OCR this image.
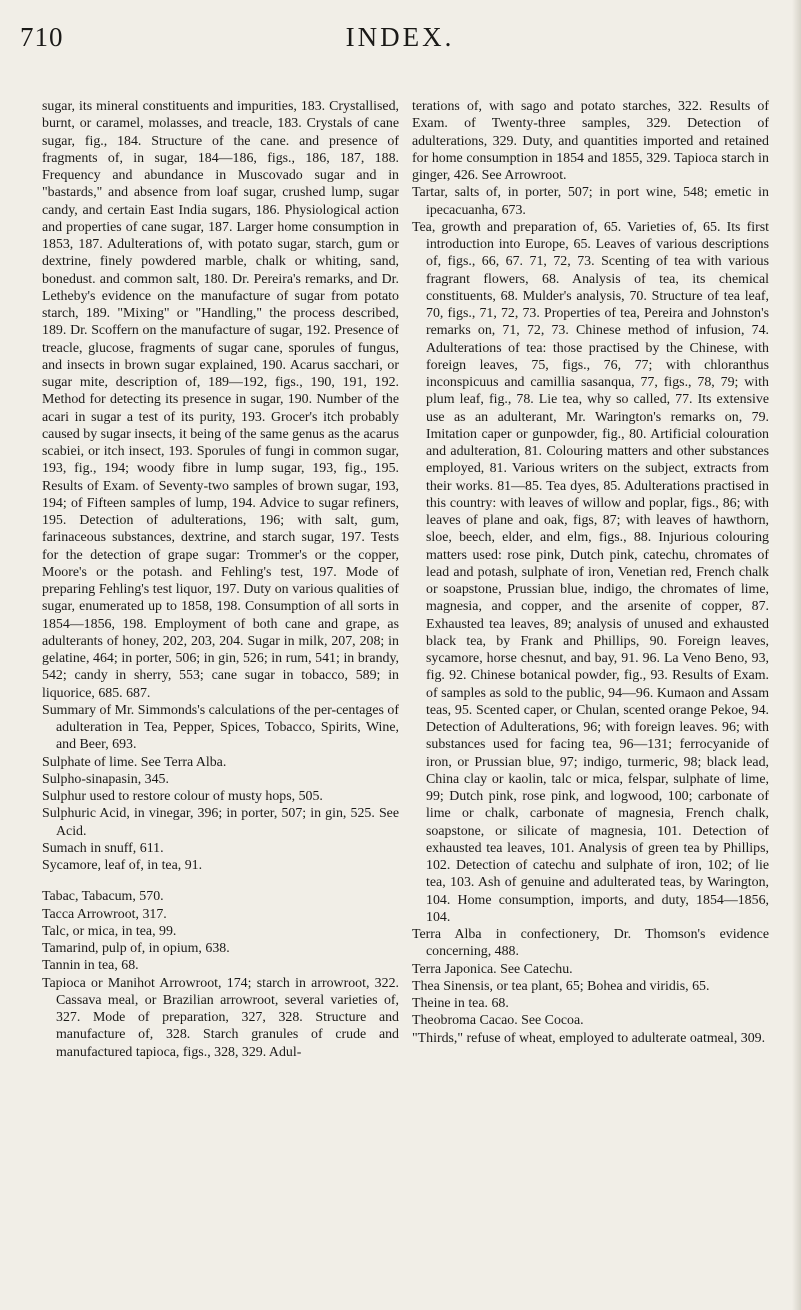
710	INDEX.

sugar, its mineral constituents and impurities, 183. Crystallised, burnt, or caramel, molasses, and treacle, 183. Crystals of cane sugar, fig., 184. Structure of the cane. and presence of fragments of, in sugar, 184—186, figs., 186, 187, 188. Frequency and abundance in Muscovado sugar and in "bastards," and absence from loaf sugar, crushed lump, sugar candy, and certain East India sugars, 186. Physiological action and properties of cane sugar, 187. Larger home consumption in 1853, 187. Adulterations of, with potato sugar, starch, gum or dextrine, finely powdered marble, chalk or whiting, sand, bonedust. and common salt, 180. Dr. Pereira's remarks, and Dr. Letheby's evidence on the manufacture of sugar from potato starch, 189. "Mixing" or "Handling," the process described, 189. Dr. Scoffern on the manufacture of sugar, 192. Presence of treacle, glucose, fragments of sugar cane, sporules of fungus, and insects in brown sugar explained, 190. Acarus sacchari, or sugar mite, description of, 189—192, figs., 190, 191, 192. Method for detecting its presence in sugar, 190. Number of the acari in sugar a test of its purity, 193. Grocer's itch probably caused by sugar insects, it being of the same genus as the acarus scabiei, or itch insect, 193. Sporules of fungi in common sugar, 193, fig., 194; woody fibre in lump sugar, 193, fig., 195. Results of Exam. of Seventy-two samples of brown sugar, 193, 194; of Fifteen samples of lump, 194. Advice to sugar refiners, 195. Detection of adulterations, 196; with salt, gum, farinaceous substances, dextrine, and starch sugar, 197. Tests for the detection of grape sugar: Trommer's or the copper, Moore's or the potash. and Fehling's test, 197. Mode of preparing Fehling's test liquor, 197. Duty on various qualities of sugar, enumerated up to 1858, 198. Consumption of all sorts in 1854—1856, 198. Employment of both cane and grape, as adulterants of honey, 202, 203, 204. Sugar in milk, 207, 208; in gelatine, 464; in porter, 506; in gin, 526; in rum, 541; in brandy, 542; candy in sherry, 553; cane sugar in tobacco, 589; in liquorice, 685. 687.

Summary of Mr. Simmonds's calculations of the per-centages of adulteration in Tea, Pepper, Spices, Tobacco, Spirits, Wine, and Beer, 693.

Sulphate of lime. See Terra Alba.

Sulpho-sinapasin, 345.

Sulphur used to restore colour of musty hops, 505.

Sulphuric Acid, in vinegar, 396; in porter, 507; in gin, 525. See Acid.

Sumach in snuff, 611.

Sycamore, leaf of, in tea, 91.

Tabac, Tabacum, 570.

Tacca Arrowroot, 317.

Talc, or mica, in tea, 99.

Tamarind, pulp of, in opium, 638.

Tannin in tea, 68.

Tapioca or Manihot Arrowroot, 174; starch in arrowroot, 322. Cassava meal, or Brazilian arrowroot, several varieties of, 327. Mode of preparation, 327, 328. Structure and manufacture of, 328. Starch granules of crude and manufactured tapioca, figs., 328, 329. Adul-

terations of, with sago and potato starches, 322. Results of Exam. of Twenty-three samples, 329. Detection of adulterations, 329. Duty, and quantities imported and retained for home consumption in 1854 and 1855, 329. Tapioca starch in ginger, 426. See Arrowroot.

Tartar, salts of, in porter, 507; in port wine, 548; emetic in ipecacuanha, 673.

Tea, growth and preparation of, 65. Varieties of, 65. Its first introduction into Europe, 65. Leaves of various descriptions of, figs., 66, 67. 71, 72, 73. Scenting of tea with various fragrant flowers, 68. Analysis of tea, its chemical constituents, 68. Mulder's analysis, 70. Structure of tea leaf, 70, figs., 71, 72, 73. Properties of tea, Pereira and Johnston's remarks on, 71, 72, 73. Chinese method of infusion, 74. Adulterations of tea: those practised by the Chinese, with foreign leaves, 75, figs., 76, 77; with chloranthus inconspicuus and camillia sasanqua, 77, figs., 78, 79; with plum leaf, fig., 78. Lie tea, why so called, 77. Its extensive use as an adulterant, Mr. Warington's remarks on, 79. Imitation caper or gunpowder, fig., 80. Artificial colouration and adulteration, 81. Colouring matters and other substances employed, 81. Various writers on the subject, extracts from their works. 81—85. Tea dyes, 85. Adulterations practised in this country: with leaves of willow and poplar, figs., 86; with leaves of plane and oak, figs, 87; with leaves of hawthorn, sloe, beech, elder, and elm, figs., 88. Injurious colouring matters used: rose pink, Dutch pink, catechu, chromates of lead and potash, sulphate of iron, Venetian red, French chalk or soapstone, Prussian blue, indigo, the chromates of lime, magnesia, and copper, and the arsenite of copper, 87. Exhausted tea leaves, 89; analysis of unused and exhausted black tea, by Frank and Phillips, 90. Foreign leaves, sycamore, horse chesnut, and bay, 91. 96. La Veno Beno, 93, fig. 92. Chinese botanical powder, fig., 93. Results of Exam. of samples as sold to the public, 94—96. Kumaon and Assam teas, 95. Scented caper, or Chulan, scented orange Pekoe, 94. Detection of Adulterations, 96; with foreign leaves. 96; with substances used for facing tea, 96—131; ferrocyanide of iron, or Prussian blue, 97; indigo, turmeric, 98; black lead, China clay or kaolin, talc or mica, felspar, sulphate of lime, 99; Dutch pink, rose pink, and logwood, 100; carbonate of lime or chalk, carbonate of magnesia, French chalk, soapstone, or silicate of magnesia, 101. Detection of exhausted tea leaves, 101. Analysis of green tea by Phillips, 102. Detection of catechu and sulphate of iron, 102; of lie tea, 103. Ash of genuine and adulterated teas, by Warington, 104. Home consumption, imports, and duty, 1854—1856, 104.

Terra Alba in confectionery, Dr. Thomson's evidence concerning, 488.

Terra Japonica. See Catechu.

Thea Sinensis, or tea plant, 65; Bohea and viridis, 65.

Theine in tea. 68.

Theobroma Cacao. See Cocoa.

"Thirds," refuse of wheat, employed to adulterate oatmeal, 309.
